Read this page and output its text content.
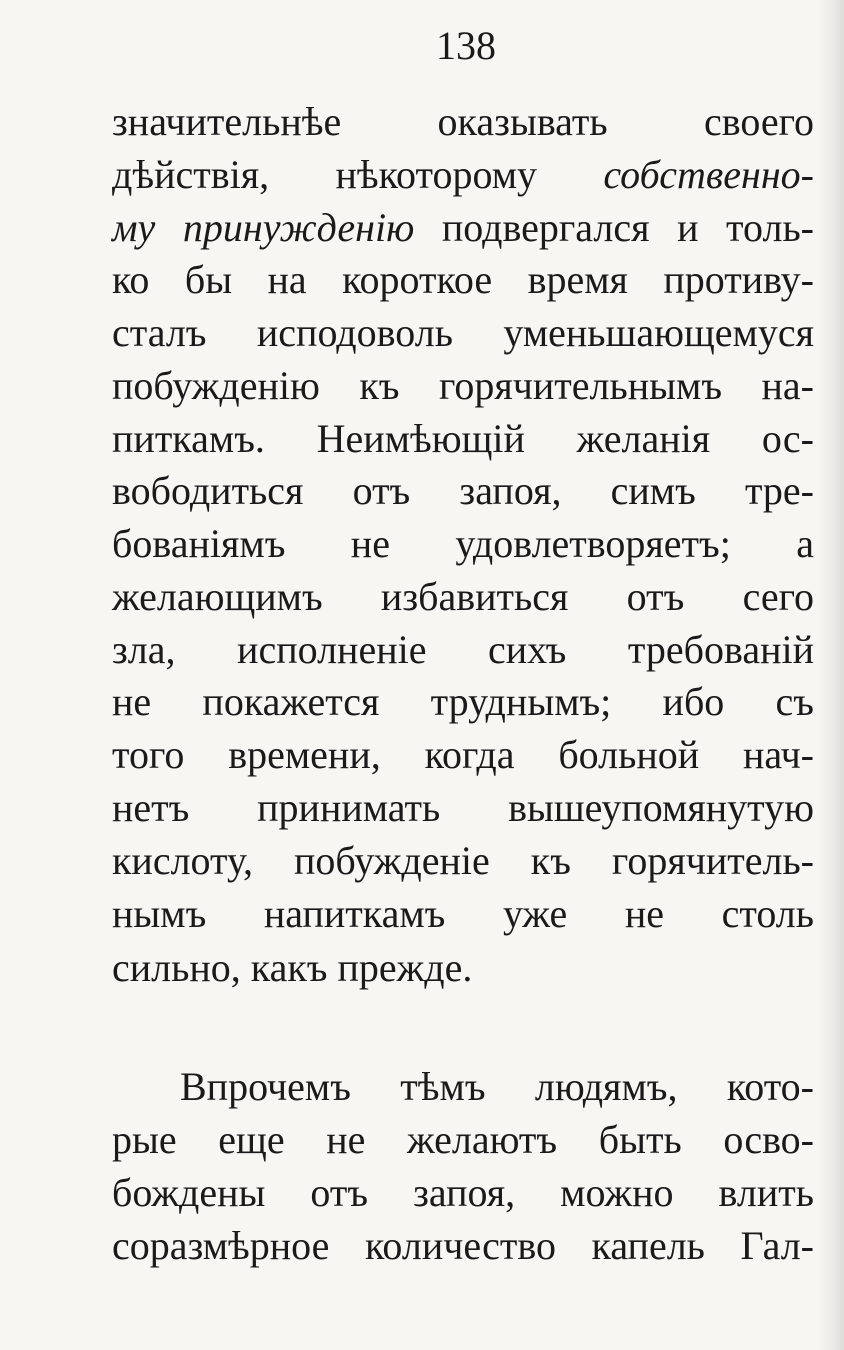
138
значительнѣе оказывать своего
дѣйствія, нѣкоторому собственно-
му принужденію подвергался и толь-
ко бы на короткое время противу-
сталъ исподоволь уменьшающемуся
побужденію къ горячительнымъ на-
питкамъ. Неимѣющій желанія ос-
вободиться отъ запоя, симъ тре-
бованіямъ не удовлетворяетъ; а
желающимъ избавиться отъ сего
зла, исполненіе сихъ требованій
не покажется труднымъ; ибо съ
того времени, когда больной нач-
нетъ принимать вышеупомянутую
кислоту, побужденіе къ горячитель-
нымъ напиткамъ уже не столь
сильно, какъ прежде.
Впрочемъ тѣмъ людямъ, кото-
рые еще не желаютъ быть осво-
бождены отъ запоя, можно влить
соразмѣрное количество капель Гал-
